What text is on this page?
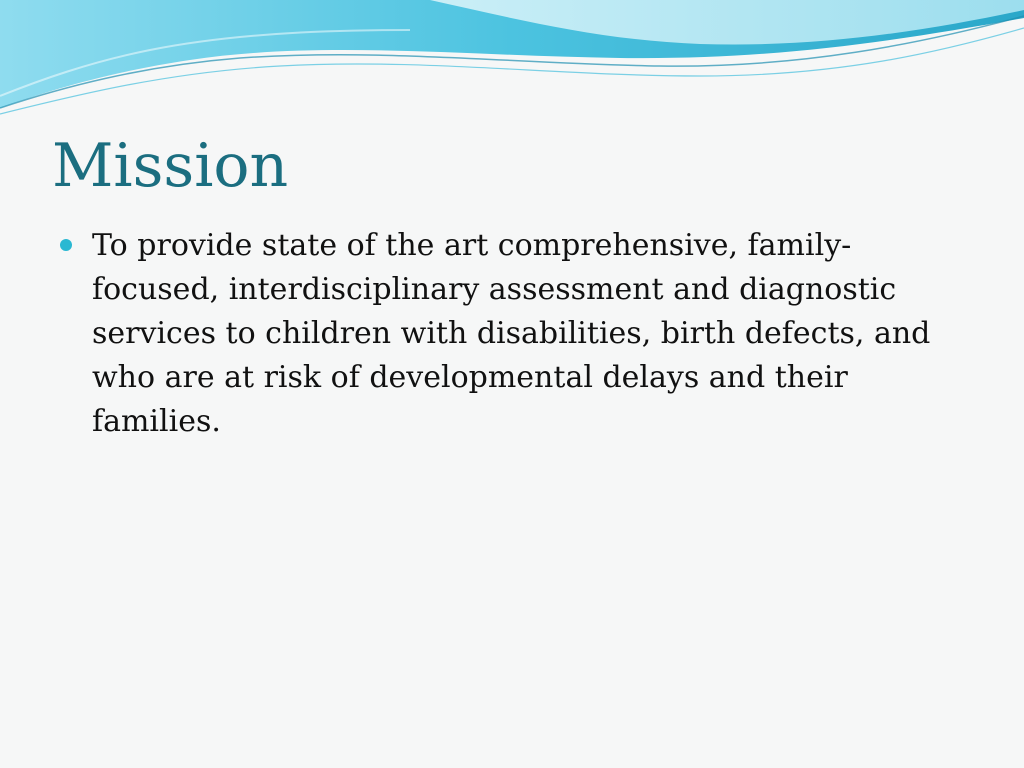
Mission
To provide state of the art comprehensive, family-focused, interdisciplinary assessment and diagnostic services to children with disabilities, birth defects, and who are at risk of developmental delays and their families.
